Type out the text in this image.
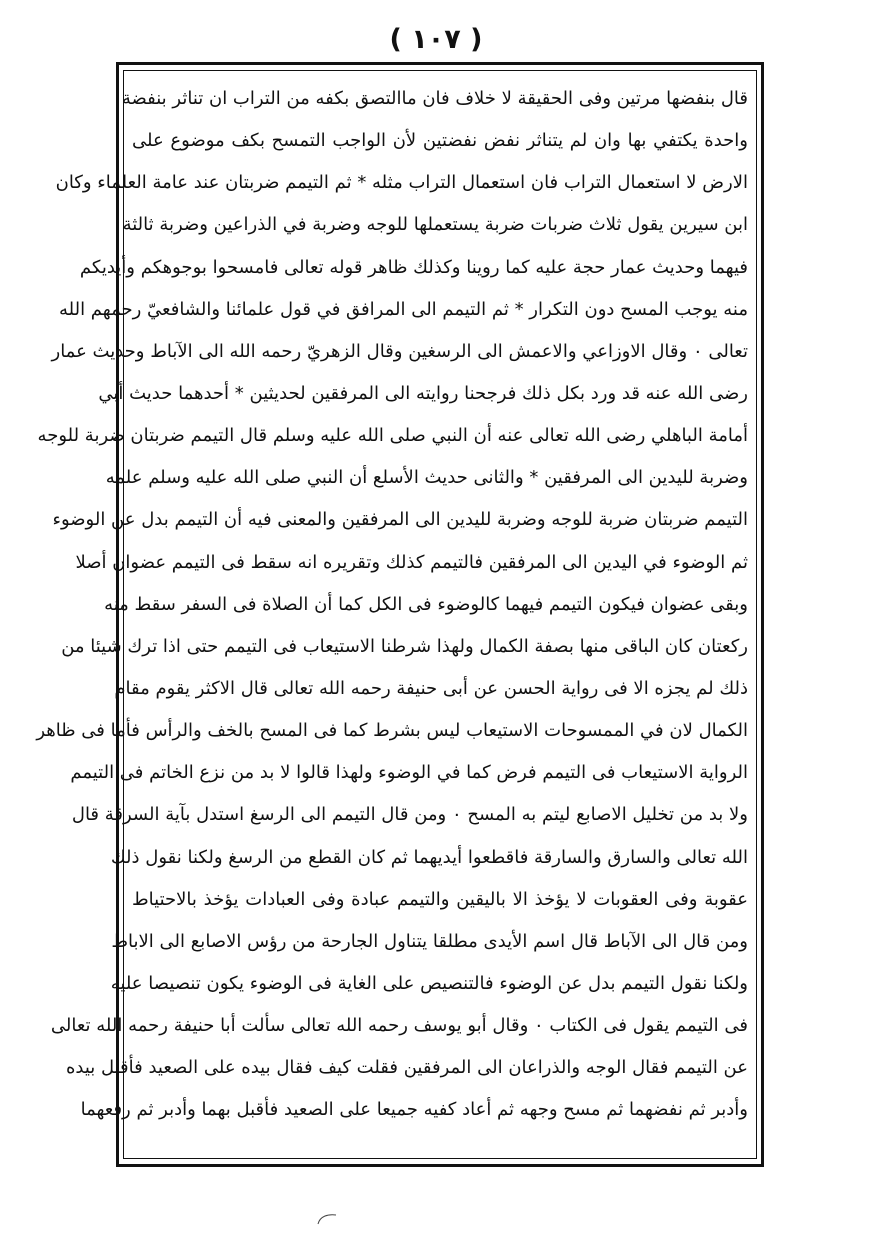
( ١٠٧ )
قال بنفضها مرتين وفى الحقيقة لا خلاف فان ماالتصق بكفه من التراب ان تناثر بنفضة
واحدة يكتفي بها وان لم يتناثر نفض نفضتين لأن الواجب التمسح بكف موضوع على
الارض لا استعمال التراب فان استعمال التراب مثله * ثم التيمم ضربتان عند عامة العلماء وكان
ابن سيرين يقول ثلاث ضربات ضربة يستعملها للوجه وضربة في الذراعين وضربة ثالثة
فيهما وحديث عمار حجة عليه كما روينا وكذلك ظاهر قوله تعالى فامسحوا بوجوهكم وأيديكم
منه يوجب المسح دون التكرار * ثم التيمم الى المرافق في قول علمائنا والشافعيّ رحمهم الله
تعالى ٠ وقال الاوزاعي والاعمش الى الرسغين وقال الزهريّ رحمه الله الى الآباط وحديث عمار
رضى الله عنه قد ورد بكل ذلك فرجحنا روايته الى المرفقين لحديثين * أحدهما حديث أبي
أمامة الباهلي رضى الله تعالى عنه أن النبي صلى الله عليه وسلم قال التيمم ضربتان ضربة للوجه
وضربة لليدين الى المرفقين * والثانى حديث الأسلع أن النبي صلى الله عليه وسلم علمه
التيمم ضربتان ضربة للوجه وضربة لليدين الى المرفقين والمعنى فيه أن التيمم بدل عن الوضوء
ثم الوضوء في اليدين الى المرفقين فالتيمم كذلك وتقريره انه سقط فى التيمم عضوان أصلا
وبقى عضوان فيكون التيمم فيهما كالوضوء فى الكل كما أن الصلاة فى السفر سقط منه
ركعتان كان الباقى منها بصفة الكمال ولهذا شرطنا الاستيعاب فى التيمم حتى اذا ترك شيئا من
ذلك لم يجزه الا فى رواية الحسن عن أبى حنيفة رحمه الله تعالى قال الاكثر يقوم مقام
الكمال لان في الممسوحات الاستيعاب ليس بشرط كما فى المسح بالخف والرأس فأما فى ظاهر
الرواية الاستيعاب فى التيمم فرض كما في الوضوء ولهذا قالوا لا بد من نزع الخاتم فى التيمم
ولا بد من تخليل الاصابع ليتم به المسح ٠ ومن قال التيمم الى الرسغ استدل بآية السرقة قال
الله تعالى والسارق والسارقة فاقطعوا أيديهما ثم كان القطع من الرسغ ولكنا نقول ذلك
عقوبة وفى العقوبات لا يؤخذ الا باليقين والتيمم عبادة وفى العبادات يؤخذ بالاحتياط
ومن قال الى الآباط قال اسم الأيدى مطلقا يتناول الجارحة من رؤس الاصابع الى الاباط
ولكنا نقول التيمم بدل عن الوضوء فالتنصيص على الغاية فى الوضوء يكون تنصيصا عليه
فى التيمم يقول فى الكتاب ٠ وقال أبو يوسف رحمه الله تعالى سألت أبا حنيفة رحمه الله تعالى
عن التيمم فقال الوجه والذراعان الى المرفقين فقلت كيف فقال بيده على الصعيد فأقبل بيده
وأدبر ثم نفضهما ثم مسح وجهه ثم أعاد كفيه جميعا على الصعيد فأقبل بهما وأدبر ثم رفعهما
